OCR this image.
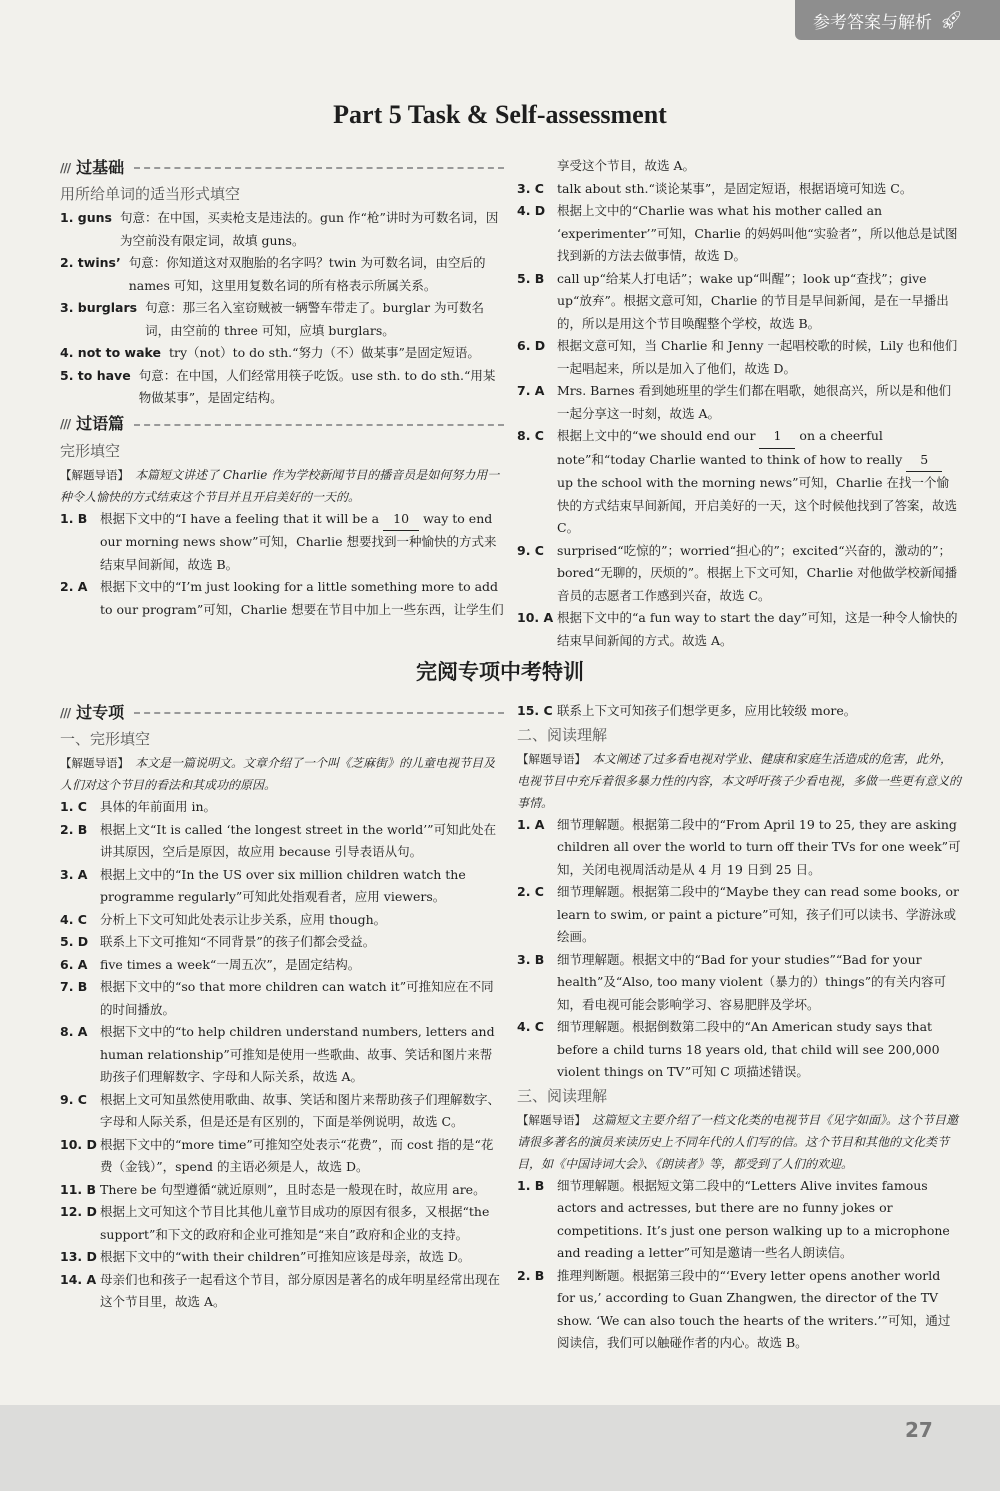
参考答案与解析 🚀︎
Part 5 Task & Self-assessment
/// 过基础
用所给单词的适当形式填空
1. guns 句意：在中国，买卖枪支是违法的。gun 作“枪”讲时为可数名词，因为空前没有限定词，故填 guns。
2. twins’ 句意：你知道这对双胞胎的名字吗？twin 为可数名词，由空后的 names 可知，这里用复数名词的所有格表示所属关系。
3. burglars 句意：那三名入室窃贼被一辆警车带走了。burglar 为可数名词，由空前的 three 可知，应填 burglars。
4. not to wake try（not）to do sth.“努力（不）做某事”是固定短语。
5. to have 句意：在中国，人们经常用筷子吃饭。use sth. to do sth.“用某物做某事”，是固定结构。
/// 过语篇
完形填空
【解题导语】 本篇短文讲述了 Charlie 作为学校新闻节目的播音员是如何努力用一种令人愉快的方式结束这个节目并且开启美好的一天的。
1. B	根据下文中的“I have a feeling that it will be a 10 way to end our morning news show”可知，Charlie 想要找到一种愉快的方式来结束早间新闻，故选 B。
2. A	根据下文中的“I’m just looking for a little something more to add to our program”可知，Charlie 想要在节目中加上一些东西，让学生们
享受这个节目，故选 A。
3. C	talk about sth.“谈论某事”，是固定短语，根据语境可知选 C。
4. D 根据上文中的“Charlie was what his mother called an ‘experimenter’”可知，Charlie 的妈妈叫他“实验者”，所以他总是试图找到新的方法去做事情，故选 D。
5. B	call up“给某人打电话”；wake up“叫醒”；look up“查找”；give up“放弃”。根据文意可知，Charlie 的节目是早间新闻，是在一早播出的，所以是用这个节目唤醒整个学校，故选 B。
6. D 根据文意可知，当 Charlie 和 Jenny 一起唱校歌的时候，Lily 也和他们一起唱起来，所以是加入了他们，故选 D。
7. A	Mrs. Barnes 看到她班里的学生们都在唱歌，她很高兴，所以是和他们一起分享这一时刻，故选 A。
8. C	根据上文中的“we should end our 1 on a cheerful note”和“today Charlie wanted to think of how to really 5 up the school with the morning news”可知，Charlie 在找一个愉快的方式结束早间新闻，开启美好的一天，这个时候他找到了答案，故选 C。
9. C	surprised“吃惊的”；worried“担心的”；excited“兴奋的，激动的”；bored“无聊的，厌烦的”。根据上下文可知，Charlie 对他做学校新闻播音员的志愿者工作感到兴奋，故选 C。
10. A 根据下文中的“a fun way to start the day”可知，这是一种令人愉快的结束早间新闻的方式。故选 A。
完阅专项中考特训
/// 过专项
一、完形填空
【解题导语】 本文是一篇说明文。文章介绍了一个叫《芝麻街》的儿童电视节目及人们对这个节目的看法和其成功的原因。
1. C	具体的年前面用 in。
2. B	根据上文“It is called ‘the longest street in the world’”可知此处在讲其原因，空后是原因，故应用 because 引导表语从句。
3. A	根据上文中的“In the US over six million children watch the programme regularly”可知此处指观看者，应用 viewers。
4. C	分析上下文可知此处表示让步关系，应用 though。
5. D 联系上下文可推知“不同背景”的孩子们都会受益。
6. A	five times a week“一周五次”，是固定结构。
7. B	根据下文中的“so that more children can watch it”可推知应在不同的时间播放。
8. A	根据下文中的“to help children understand numbers, letters and human relationship”可推知是使用一些歌曲、故事、笑话和图片来帮助孩子们理解数字、字母和人际关系，故选 A。
9. C	根据上文可知虽然使用歌曲、故事、笑话和图片来帮助孩子们理解数字、字母和人际关系，但是还是有区别的，下面是举例说明，故选 C。
10. D 根据下文中的“more time”可推知空处表示“花费”，而 cost 指的是“花费（金钱）”，spend 的主语必须是人，故选 D。
11. B There be 句型遵循“就近原则”，且时态是一般现在时，故应用 are。
12. D 根据上文可知这个节目比其他儿童节目成功的原因有很多，又根据“the support”和下文的政府和企业可推知是“来自”政府和企业的支持。
13. D 根据下文中的“with their children”可推知应该是母亲，故选 D。
14. A 母亲们也和孩子一起看这个节目，部分原因是著名的成年明星经常出现在这个节目里，故选 A。
15. C 联系上下文可知孩子们想学更多，应用比较级 more。
二、阅读理解
【解题导语】 本文阐述了过多看电视对学业、健康和家庭生活造成的危害，此外，电视节目中充斥着很多暴力性的内容，本文呼吁孩子少看电视，多做一些更有意义的事情。
1. A	细节理解题。根据第二段中的“From April 19 to 25, they are asking children all over the world to turn off their TVs for one week”可知，关闭电视周活动是从 4 月 19 日到 25 日。
2. C	细节理解题。根据第二段中的“Maybe they can read some books, or learn to swim, or paint a picture”可知，孩子们可以读书、学游泳或绘画。
3. B	细节理解题。根据文中的“Bad for your studies”“Bad for your health”及“Also, too many violent（暴力的）things”的有关内容可知，看电视可能会影响学习、容易肥胖及学坏。
4. C	细节理解题。根据倒数第二段中的“An American study says that before a child turns 18 years old, that child will see 200,000 violent things on TV”可知 C 项描述错误。
三、阅读理解
【解题导语】 这篇短文主要介绍了一档文化类的电视节目《见字如面》。这个节目邀请很多著名的演员来读历史上不同年代的人们写的信。这个节目和其他的文化类节目，如《中国诗词大会》、《朗读者》等，都受到了人们的欢迎。
1. B	细节理解题。根据短文第二段中的“Letters Alive invites famous actors and actresses, but there are no funny jokes or competitions. It’s just one person walking up to a microphone and reading a letter”可知是邀请一些名人朗读信。
2. B	推理判断题。根据第三段中的“‘Every letter opens another world for us,’ according to Guan Zhangwen, the director of the TV show. ‘We can also touch the hearts of the writers.’”可知，通过阅读信，我们可以触碰作者的内心。故选 B。
27
